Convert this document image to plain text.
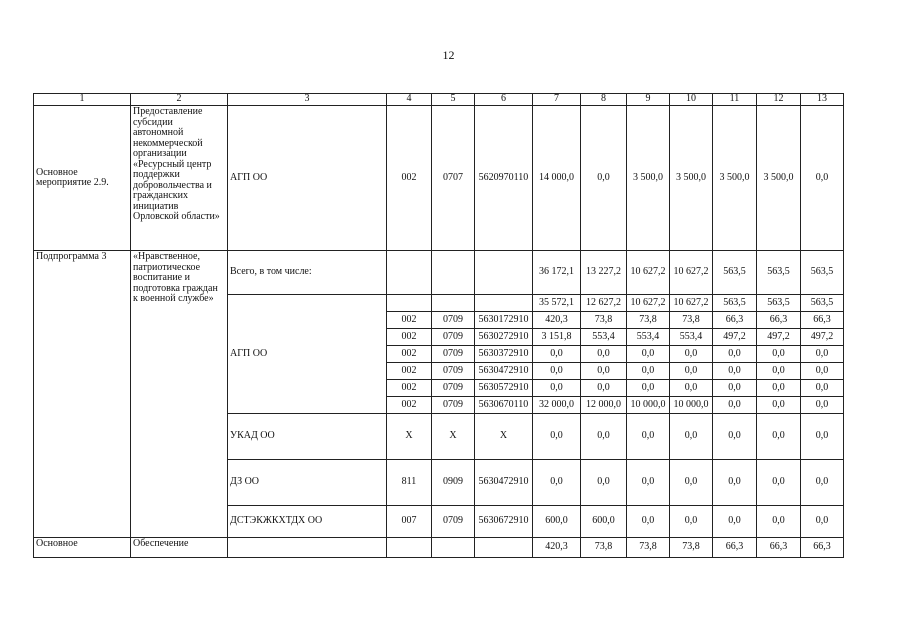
12
1	2	3	4	5	6	7	8	9	10	11	12	13
Основное мероприятие 2.9.	Предоставление субсидии автономной некоммерческой организации «Ресурсный центр поддержки добровольчества и гражданских инициатив Орловской области»	АГП ОО	002	0707	5620970110	14 000,0	0,0	3 500,0	3 500,0	3 500,0	3 500,0	0,0
Подпрограмма 3	«Нравственное, патриотическое воспитание и подготовка граждан к военной службе»	Всего, в том числе:				36 172,1	13 227,2	10 627,2	10 627,2	563,5	563,5	563,5
		АГП ОО				35 572,1	12 627,2	10 627,2	10 627,2	563,5	563,5	563,5
			002	0709	5630172910	420,3	73,8	73,8	73,8	66,3	66,3	66,3
			002	0709	5630272910	3 151,8	553,4	553,4	553,4	497,2	497,2	497,2
			002	0709	5630372910	0,0	0,0	0,0	0,0	0,0	0,0	0,0
			002	0709	5630472910	0,0	0,0	0,0	0,0	0,0	0,0	0,0
			002	0709	5630572910	0,0	0,0	0,0	0,0	0,0	0,0	0,0
			002	0709	5630670110	32 000,0	12 000,0	10 000,0	10 000,0	0,0	0,0	0,0
		УКАД ОО	X	X	X	0,0	0,0	0,0	0,0	0,0	0,0	0,0
		ДЗ ОО	811	0909	5630472910	0,0	0,0	0,0	0,0	0,0	0,0	0,0
		ДСТЭКЖКХТДХ ОО	007	0709	5630672910	600,0	600,0	0,0	0,0	0,0	0,0	0,0
Основное	Обеспечение					420,3	73,8	73,8	73,8	66,3	66,3	66,3
